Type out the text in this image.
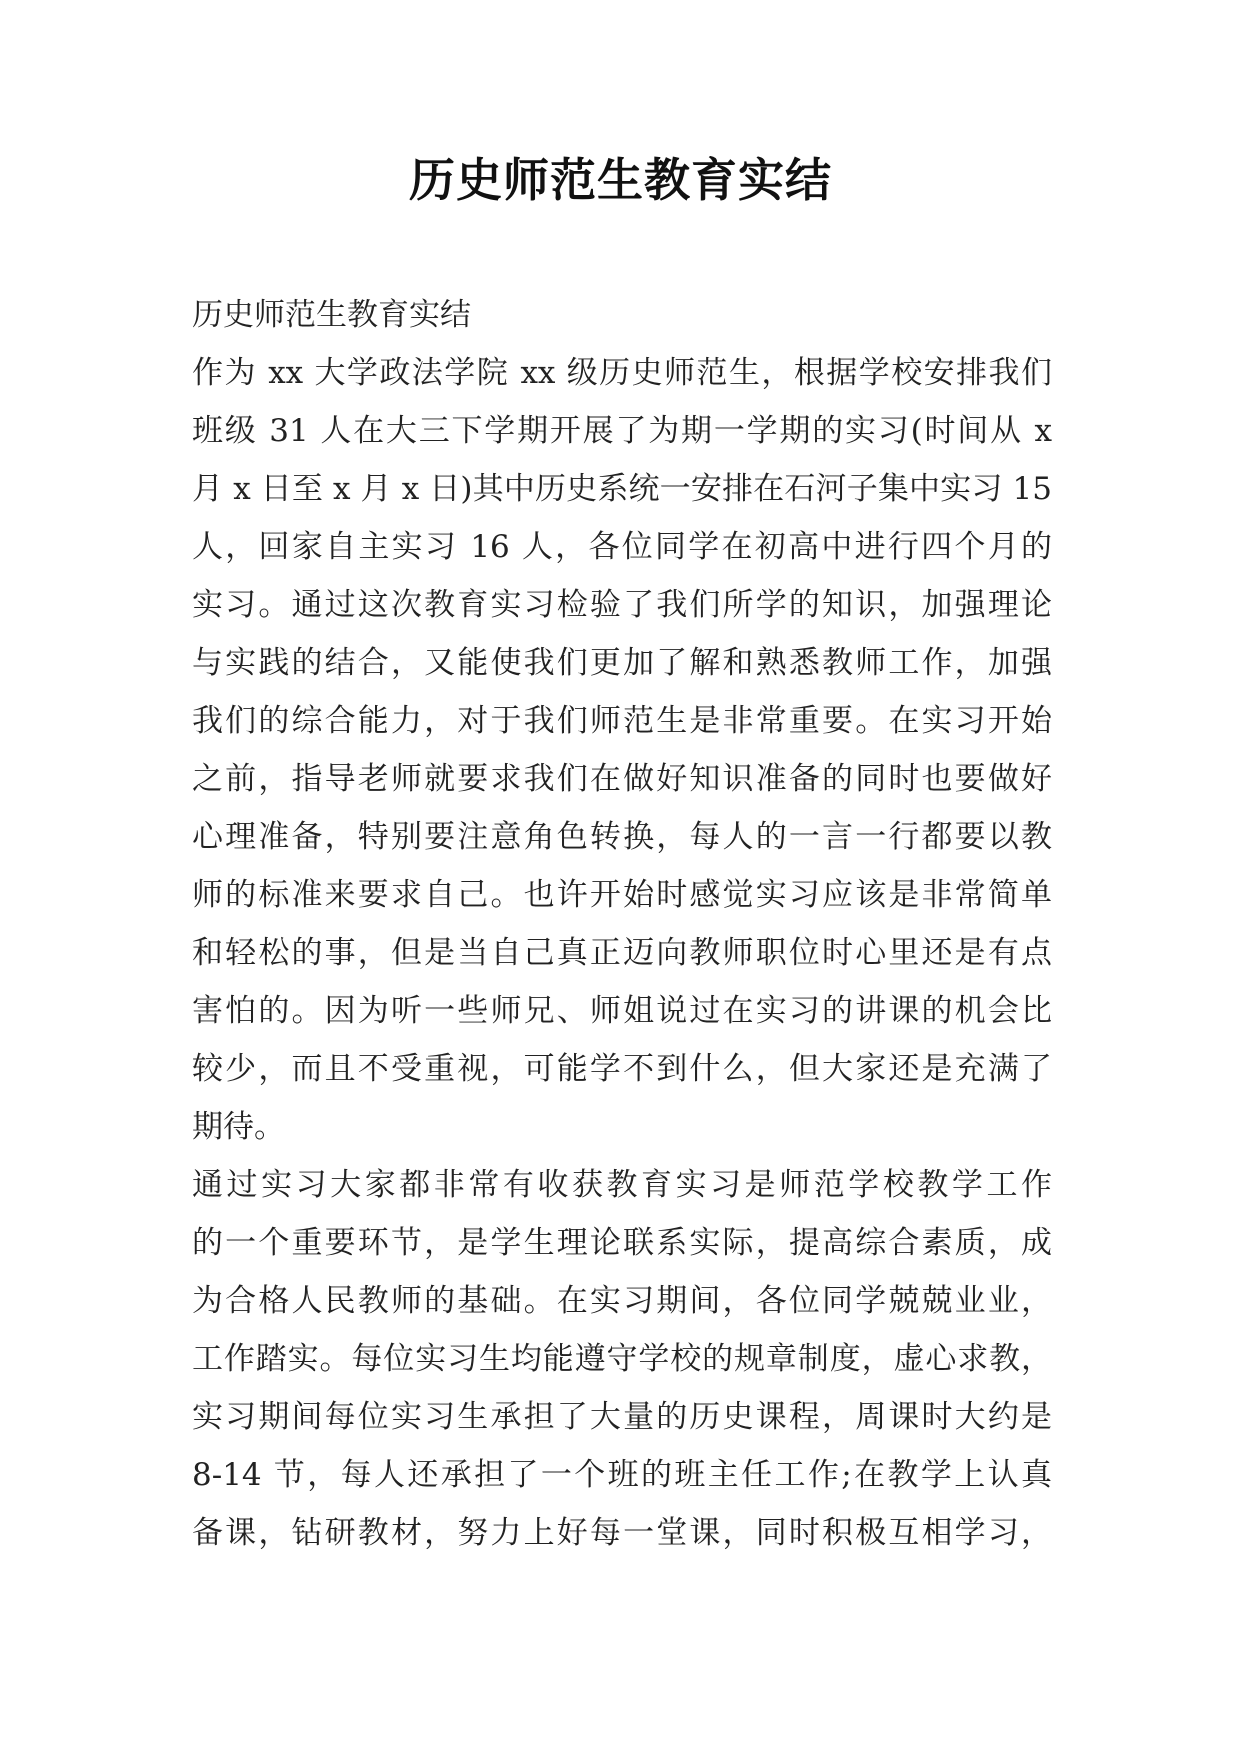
历史师范生教育实结
历史师范生教育实结
作为 xx 大学政法学院 xx 级历史师范生，根据学校安排我们
班级 31 人在大三下学期开展了为期一学期的实习(时间从 x
月 x 日至 x 月 x 日)其中历史系统一安排在石河子集中实习 15
人，回家自主实习 16 人，各位同学在初高中进行四个月的
实习。通过这次教育实习检验了我们所学的知识，加强理论
与实践的结合，又能使我们更加了解和熟悉教师工作，加强
我们的综合能力，对于我们师范生是非常重要。在实习开始
之前，指导老师就要求我们在做好知识准备的同时也要做好
心理准备，特别要注意角色转换，每人的一言一行都要以教
师的标准来要求自己。也许开始时感觉实习应该是非常简单
和轻松的事，但是当自己真正迈向教师职位时心里还是有点
害怕的。因为听一些师兄、师姐说过在实习的讲课的机会比
较少，而且不受重视，可能学不到什么，但大家还是充满了
期待。
通过实习大家都非常有收获教育实习是师范学校教学工作
的一个重要环节，是学生理论联系实际，提高综合素质，成
为合格人民教师的基础。在实习期间，各位同学兢兢业业，
工作踏实。每位实习生均能遵守学校的规章制度，虚心求教，
实习期间每位实习生承担了大量的历史课程，周课时大约是
8-14 节，每人还承担了一个班的班主任工作;在教学上认真
备课，钻研教材，努力上好每一堂课，同时积极互相学习，
